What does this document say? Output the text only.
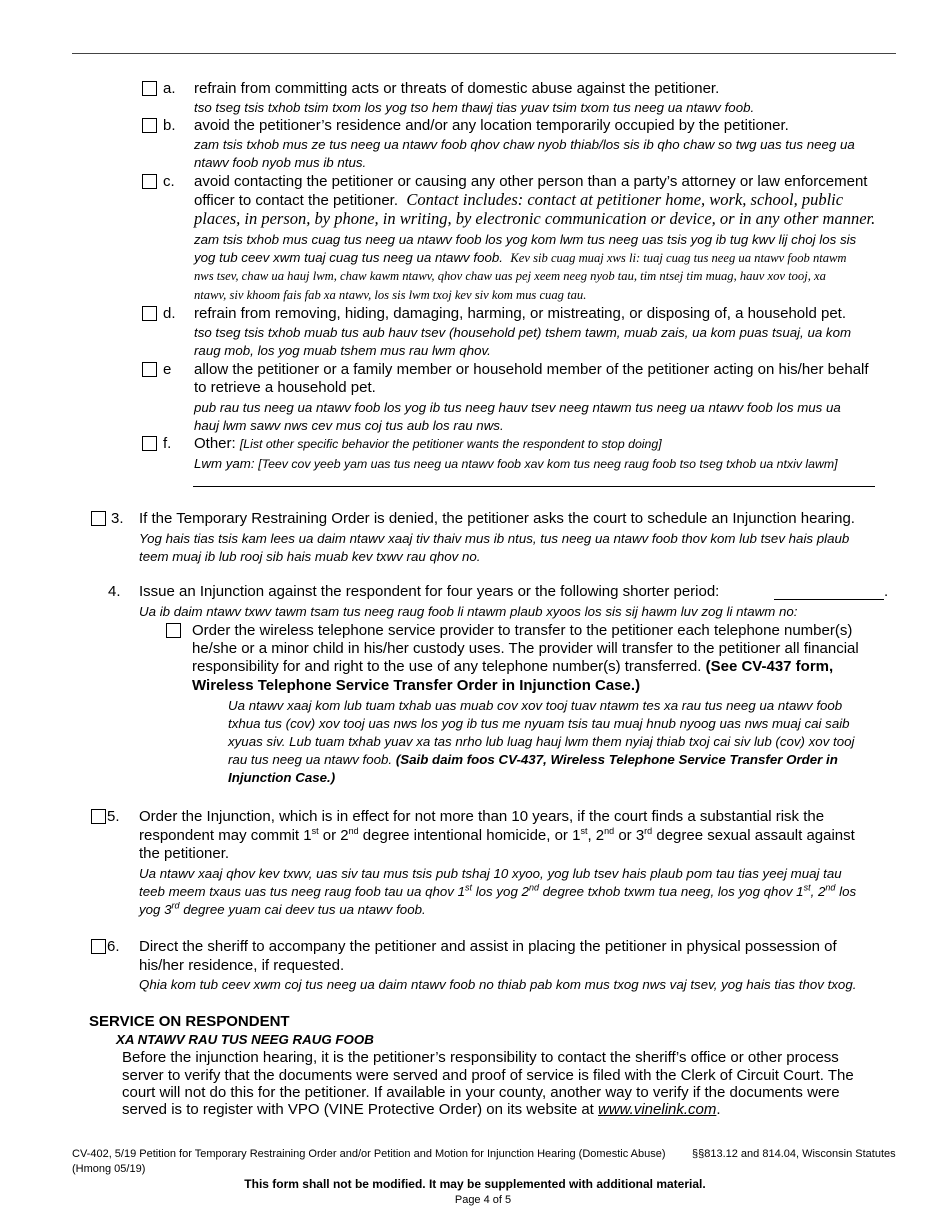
a. refrain from committing acts or threats of domestic abuse against the petitioner.
tso tseg tsis txhob tsim txom los yog tso hem thawj tias yuav tsim txom tus neeg ua ntawv foob.
b. avoid the petitioner’s residence and/or any location temporarily occupied by the petitioner.
zam tsis txhob mus ze tus neeg ua ntawv foob qhov chaw nyob thiab/los sis ib qho chaw so twg uas tus neeg ua
ntawv foob nyob mus ib ntus.
c. avoid contacting the petitioner or causing any other person than a party’s attorney or law enforcement
officer to contact the petitioner. Contact includes: contact at petitioner home, work, school, public
places, in person, by phone, in writing, by electronic communication or device, or in any other manner.
zam tsis txhob mus cuag tus neeg ua ntawv foob los yog kom lwm tus neeg uas tsis yog ib tug kwv lij choj los sis
yog tub ceev xwm tuaj cuag tus neeg ua ntawv foob. Kev sib cuag muaj xws li: tuaj cuag tus neeg ua ntawv foob ntawm
nws tsev, chaw ua hauj lwm, chaw kawm ntawv, qhov chaw uas pej xeem neeg nyob tau, tim ntsej tim muag, hauv xov tooj, xa
ntawv, siv khoom fais fab xa ntawv, los sis lwm txoj kev siv kom mus cuag tau.
d. refrain from removing, hiding, damaging, harming, or mistreating, or disposing of, a household pet.
tso tseg tsis txhob muab tus aub hauv tsev (household pet) tshem tawm, muab zais, ua kom puas tsuaj, ua kom
raug mob, los yog muab tshem mus rau lwm qhov.
e allow the petitioner or a family member or household member of the petitioner acting on his/her behalf
to retrieve a household pet.
pub rau tus neeg ua ntawv foob los yog ib tus neeg hauv tsev neeg ntawm tus neeg ua ntawv foob los mus ua
hauj lwm sawv nws cev mus coj tus aub los rau nws.
f. Other: [List other specific behavior the petitioner wants the respondent to stop doing]
Lwm yam: [Teev cov yeeb yam uas tus neeg ua ntawv foob xav kom tus neeg raug foob tso tseg txhob ua ntxiv lawm]
3. If the Temporary Restraining Order is denied, the petitioner asks the court to schedule an Injunction hearing.
Yog hais tias tsis kam lees ua daim ntawv xaaj tiv thaiv mus ib ntus, tus neeg ua ntawv foob thov kom lub tsev hais plaub
teem muaj ib lub rooj sib hais muab kev txwv rau qhov no.
4. Issue an Injunction against the respondent for four years or the following shorter period:	.
Ua ib daim ntawv txwv tawm tsam tus neeg raug foob li ntawm plaub xyoos los sis sij hawm luv zog li ntawm no:
Order the wireless telephone service provider to transfer to the petitioner each telephone number(s)
he/she or a minor child in his/her custody uses. The provider will transfer to the petitioner all financial
responsibility for and right to the use of any telephone number(s) transferred. (See CV-437 form,
Wireless Telephone Service Transfer Order in Injunction Case.)
Ua ntawv xaaj kom lub tuam txhab uas muab cov xov tooj tuav ntawm tes xa rau tus neeg ua ntawv foob
txhua tus (cov) xov tooj uas nws los yog ib tus me nyuam tsis tau muaj hnub nyoog uas nws muaj cai saib
xyuas siv. Lub tuam txhab yuav xa tas nrho lub luag hauj lwm them nyiaj thiab txoj cai siv lub (cov) xov tooj
rau tus neeg ua ntawv foob. (Saib daim foos CV-437, Wireless Telephone Service Transfer Order in
Injunction Case.)
5. Order the Injunction, which is in effect for not more than 10 years, if the court finds a substantial risk the
respondent may commit 1st or 2nd degree intentional homicide, or 1st, 2nd or 3rd degree sexual assault against
the petitioner.
Ua ntawv xaaj qhov kev txwv, uas siv tau mus tsis pub tshaj 10 xyoo, yog lub tsev hais plaub pom tau tias yeej muaj tau
teeb meem txaus uas tus neeg raug foob tau ua qhov 1st los yog 2nd degree txhob txwm tua neeg, los yog qhov 1st, 2nd los
yog 3rd degree yuam cai deev tus ua ntawv foob.
6. Direct the sheriff to accompany the petitioner and assist in placing the petitioner in physical possession of
his/her residence, if requested.
Qhia kom tub ceev xwm coj tus neeg ua daim ntawv foob no thiab pab kom mus txog nws vaj tsev, yog hais tias thov txog.
SERVICE ON RESPONDENT
XA NTAWV RAU TUS NEEG RAUG FOOB
Before the injunction hearing, it is the petitioner’s responsibility to contact the sheriff’s office or other process
server to verify that the documents were served and proof of service is filed with the Clerk of Circuit Court. The
court will not do this for the petitioner. If available in your county, another way to verify if the documents were
served is to register with VPO (VINE Protective Order) on its website at www.vinelink.com.
CV-402, 5/19 Petition for Temporary Restraining Order and/or Petition and Motion for Injunction Hearing (Domestic Abuse) §§813.12 and 814.04, Wisconsin Statutes
(Hmong 05/19)
This form shall not be modified. It may be supplemented with additional material.
Page 4 of 5
